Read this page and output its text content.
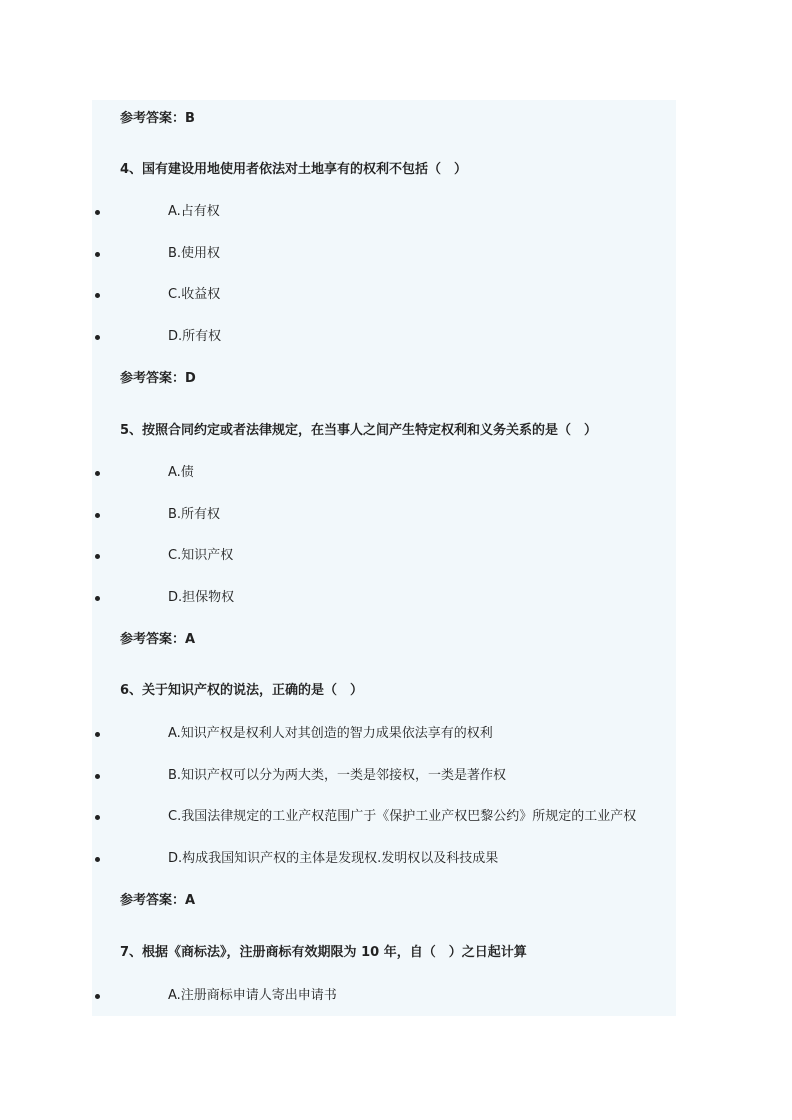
参考答案：B
4、国有建设用地使用者依法对土地享有的权利不包括（　）
A.占有权
B.使用权
C.收益权
D.所有权
参考答案：D
5、按照合同约定或者法律规定，在当事人之间产生特定权利和义务关系的是（　）
A.债
B.所有权
C.知识产权
D.担保物权
参考答案：A
6、关于知识产权的说法，正确的是（　）
A.知识产权是权利人对其创造的智力成果依法享有的权利
B.知识产权可以分为两大类，一类是邻接权，一类是著作权
C.我国法律规定的工业产权范围广于《保护工业产权巴黎公约》所规定的工业产权
D.构成我国知识产权的主体是发现权.发明权以及科技成果
参考答案：A
7、根据《商标法》，注册商标有效期限为 10 年，自（　）之日起计算
A.注册商标申请人寄出申请书
